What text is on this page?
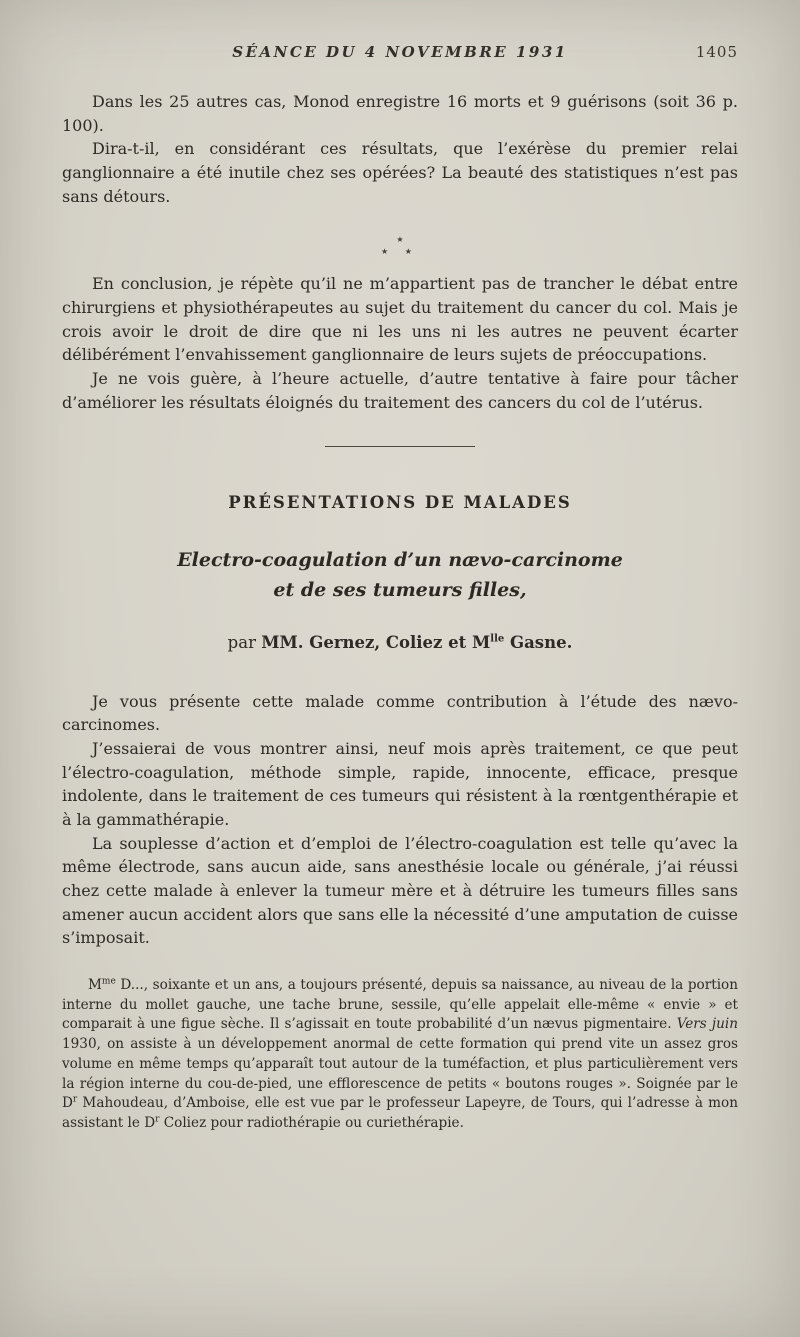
SÉANCE DU 4 NOVEMBRE 1931	1405

Dans les 25 autres cas, Monod enregistre 16 morts et 9 guérisons (soit 36 p. 100).

Dira-t-il, en considérant ces résultats, que l’exérèse du premier relai ganglionnaire a été inutile chez ses opérées? La beauté des statistiques n’est pas sans détours.

★
★ ★

En conclusion, je répète qu’il ne m’appartient pas de trancher le débat entre chirurgiens et physiothérapeutes au sujet du traitement du cancer du col. Mais je crois avoir le droit de dire que ni les uns ni les autres ne peuvent écarter délibérément l’envahissement ganglionnaire de leurs sujets de préoccupations.

Je ne vois guère, à l’heure actuelle, d’autre tentative à faire pour tâcher d’améliorer les résultats éloignés du traitement des cancers du col de l’utérus.

PRÉSENTATIONS DE MALADES
Electro-coagulation d’un nævo-carcinome
et de ses tumeurs filles,

par MM. Gernez, Coliez et $M^{lle}$ Gasne.

Je vous présente cette malade comme contribution à l’étude des nævo-carcinomes.

J’essaierai de vous montrer ainsi, neuf mois après traitement, ce que peut l’électro-coagulation, méthode simple, rapide, innocente, efficace, presque indolente, dans le traitement de ces tumeurs qui résistent à la rœntgenthérapie et à la gammathérapie.

La souplesse d’action et d’emploi de l’électro-coagulation est telle qu’avec la même électrode, sans aucun aide, sans anesthésie locale ou générale, j’ai réussi chez cette malade à enlever la tumeur mère et à détruire les tumeurs filles sans amener aucun accident alors que sans elle la nécessité d’une amputation de cuisse s’imposait.

$M^{me}$ D..., soixante et un ans, a toujours présenté, depuis sa naissance, au niveau de la portion interne du mollet gauche, une tache brune, sessile, qu’elle appelait elle-même « envie » et comparait à une figue sèche. Il s’agissait en toute probabilité d’un nævus pigmentaire. Vers juin 1930, on assiste à un développement anormal de cette formation qui prend vite un assez gros volume en même temps qu’apparaît tout autour de la tuméfaction, et plus particulièrement vers la région interne du cou-de-pied, une efflorescence de petits « boutons rouges ». Soignée par le $D^r$ Mahoudeau, d’Amboise, elle est vue par le professeur Lapeyre, de Tours, qui l’adresse à mon assistant le $D^r$ Coliez pour radiothérapie ou curiethérapie.
